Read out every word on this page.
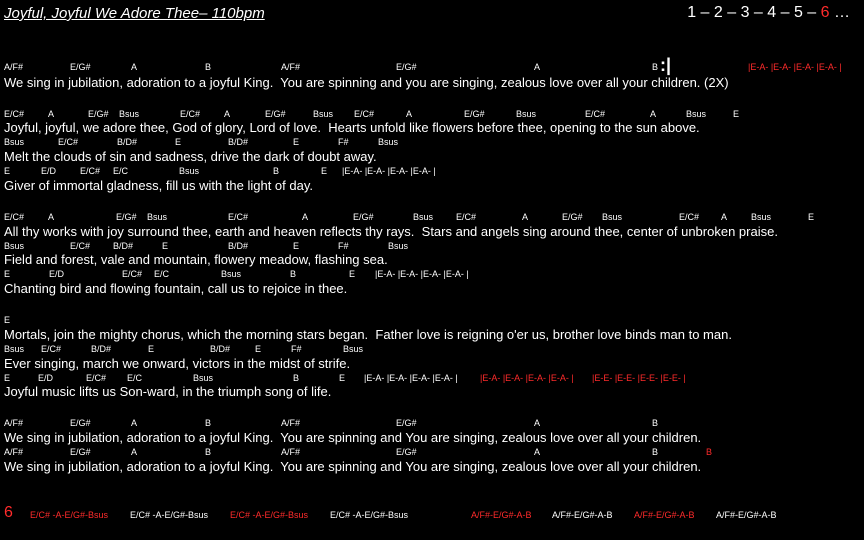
Joyful, Joyful We Adore Thee– 110bpm	1 – 2 – 3 – 4 – 5 – 6 …
A/F#	E/G#	A	B	A/F#	E/G#	A	B :|	|E-A- |E-A- |E-A- |E-A- |
We sing in jubilation, adoration to a joyful King.  You are spinning and you are singing, zealous love over all your children. (2X)
E/C#	A	E/G# Bsus	E/C#	A	E/G#	Bsus E/C#	A	E/G#	Bsus	E/C#	A	Bsus	E
Joyful, joyful, we adore thee, God of glory, Lord of love.  Hearts unfold like flowers before thee, opening to the sun above.
Bsus	E/C#	B/D#	E	B/D#	E	F#	Bsus
Melt the clouds of sin and sadness, drive the dark of doubt away.
E	E/D	E/C# E/C	Bsus	B	E |E-A- |E-A- |E-A- |E-A- |
Giver of immortal gladness, fill us with the light of day.
E/C#	A	E/G# Bsus	E/C#	A	E/G#	Bsus	E/C#	A	E/G# Bsus	E/C# A	Bsus	E
All thy works with joy surround thee, earth and heaven reflects thy rays.  Stars and angels sing around thee, center of unbroken praise.
Bsus	E/C#	B/D#	E	B/D#	E	F#	Bsus
Field and forest, vale and mountain, flowery meadow, flashing sea.
E	E/D	E/C# E/C	Bsus	B	E |E-A- |E-A- |E-A- |E-A- |
Chanting bird and flowing fountain, call us to rejoice in thee.
E
Mortals, join the mighty chorus, which the morning stars began.  Father love is reigning o'er us, brother love binds man to man.
Bsus E/C#	B/D#	E	B/D#	E	F#	Bsus
Ever singing, march we onward, victors in the midst of strife.
E	E/D	E/C# E/C	Bsus	B	E |E-A- |E-A- |E-A- |E-A- | |E-A- |E-A- |E-A- |E-A- | |E-E- |E-E- |E-E- |E-E- |
Joyful music lifts us Son-ward, in the triumph song of life.
A/F#	E/G#	A	B	A/F#	E/G#	A	B
We sing in jubilation, adoration to a joyful King.  You are spinning and You are singing, zealous love over all your children.
A/F#	E/G#	A	B	A/F#	E/G#	A	B	B
We sing in jubilation, adoration to a joyful King.  You are spinning and You are singing, zealous love over all your children.
6 E/C# -A-E/G#-Bsus E/C# -A-E/G#-Bsus E/C# -A-E/G#-Bsus E/C# -A-E/G#-Bsus	A/F#-E/G#-A-B A/F#-E/G#-A-B A/F#-E/G#-A-B A/F#-E/G#-A-B
